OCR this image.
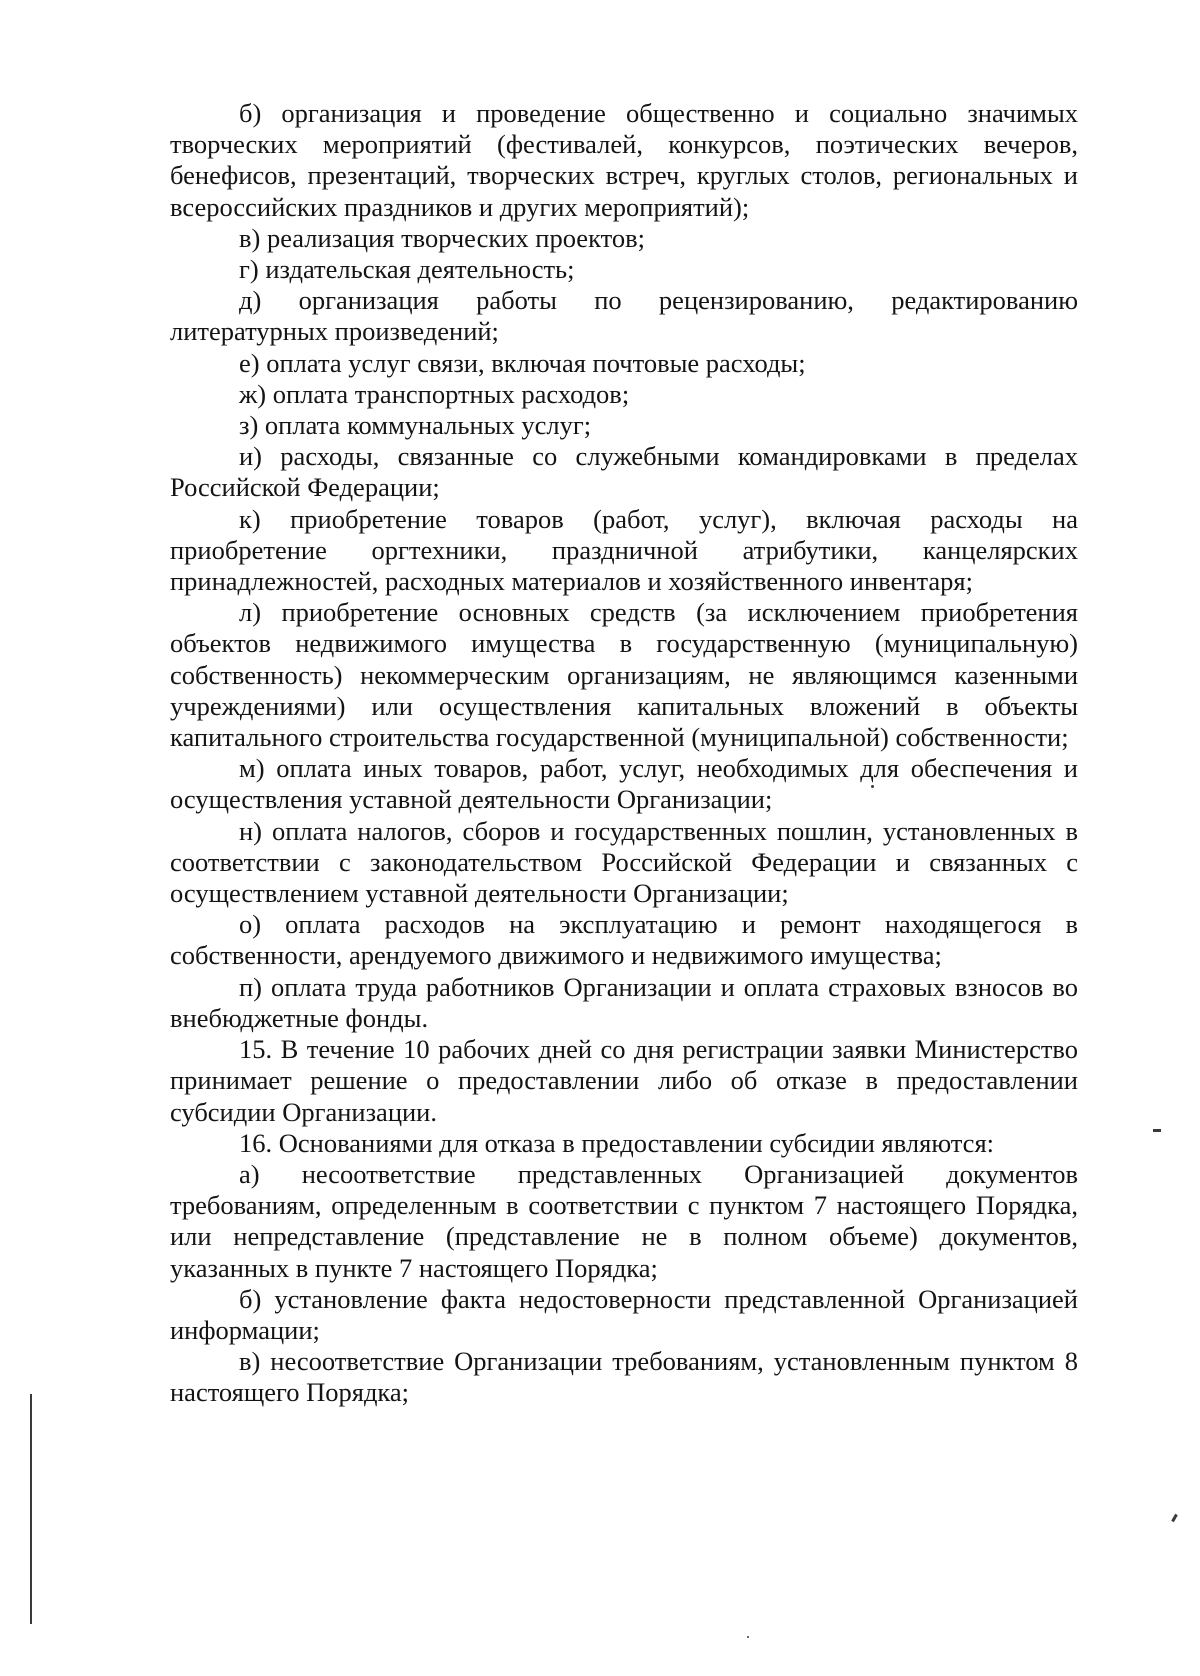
б) организация и проведение общественно и социально значимых творческих мероприятий (фестивалей, конкурсов, поэтических вечеров, бенефисов, презентаций, творческих встреч, круглых столов, региональных и всероссийских праздников и других мероприятий);

в) реализация творческих проектов;

г) издательская деятельность;

д) организация работы по рецензированию, редактированию литературных произведений;

е) оплата услуг связи, включая почтовые расходы;

ж) оплата транспортных расходов;

з) оплата коммунальных услуг;

и) расходы, связанные со служебными командировками в пределах Российской Федерации;

к) приобретение товаров (работ, услуг), включая расходы на приобретение оргтехники, праздничной атрибутики, канцелярских принадлежностей, расходных материалов и хозяйственного инвентаря;

л) приобретение основных средств (за исключением приобретения объектов недвижимого имущества в государственную (муниципальную) собственность) некоммерческим организациям, не являющимся казенными учреждениями) или осуществления капитальных вложений в объекты капитального строительства государственной (муниципальной) собственности;

м) оплата иных товаров, работ, услуг, необходимых для обеспечения и осуществления уставной деятельности Организации;

н) оплата налогов, сборов и государственных пошлин, установленных в соответствии с законодательством Российской Федерации и связанных с осуществлением уставной деятельности Организации;

о) оплата расходов на эксплуатацию и ремонт находящегося в собственности, арендуемого движимого и недвижимого имущества;

п) оплата труда работников Организации и оплата страховых взносов во внебюджетные фонды.

15. В течение 10 рабочих дней со дня регистрации заявки Министерство принимает решение о предоставлении либо об отказе в предоставлении субсидии Организации.

16. Основаниями для отказа в предоставлении субсидии являются:

а) несоответствие представленных Организацией документов требованиям, определенным в соответствии с пунктом 7 настоящего Порядка, или непредставление (представление не в полном объеме) документов, указанных в пункте 7 настоящего Порядка;

б) установление факта недостоверности представленной Организацией информации;

в) несоответствие Организации требованиям, установленным пунктом 8 настоящего Порядка;
